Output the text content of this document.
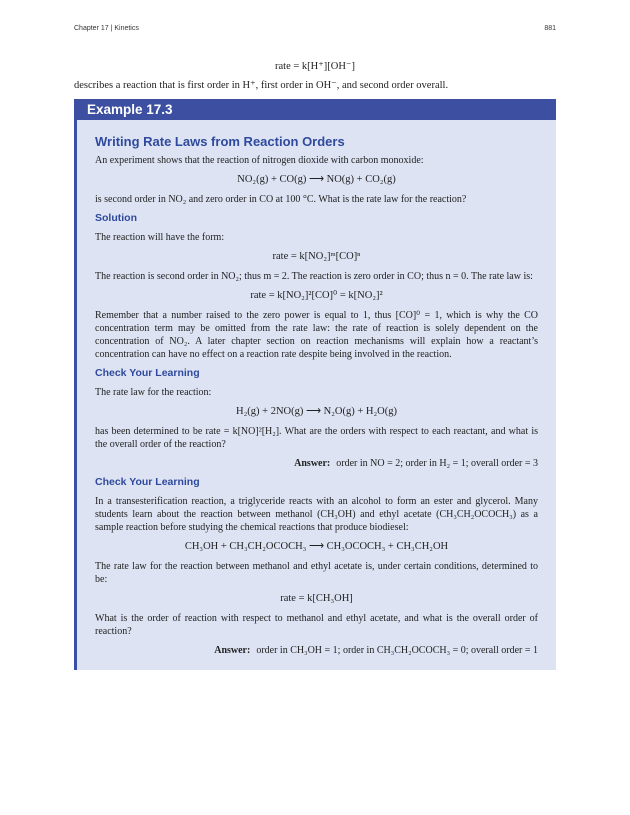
Chapter 17 | Kinetics	881
rate = k[H⁺][OH⁻]
describes a reaction that is first order in H⁺, first order in OH⁻, and second order overall.
Example 17.3
Writing Rate Laws from Reaction Orders

An experiment shows that the reaction of nitrogen dioxide with carbon monoxide:

NO₂(g) + CO(g) ⟶ NO(g) + CO₂(g)

is second order in NO₂ and zero order in CO at 100 °C. What is the rate law for the reaction?

Solution

The reaction will have the form:

rate = k[NO₂]ᵐ[CO]ⁿ

The reaction is second order in NO₂; thus m = 2. The reaction is zero order in CO; thus n = 0. The rate law is:

rate = k[NO₂]²[CO]⁰ = k[NO₂]²

Remember that a number raised to the zero power is equal to 1, thus [CO]⁰ = 1, which is why the CO concentration term may be omitted from the rate law: the rate of reaction is solely dependent on the concentration of NO₂. A later chapter section on reaction mechanisms will explain how a reactant’s concentration can have no effect on a reaction rate despite being involved in the reaction.

Check Your Learning

The rate law for the reaction:

H₂(g) + 2NO(g) ⟶ N₂O(g) + H₂O(g)

has been determined to be rate = k[NO]²[H₂]. What are the orders with respect to each reactant, and what is the overall order of the reaction?

Answer: order in NO = 2; order in H₂ = 1; overall order = 3
Check Your Learning

In a transesterification reaction, a triglyceride reacts with an alcohol to form an ester and glycerol. Many students learn about the reaction between methanol (CH₃OH) and ethyl acetate (CH₃CH₂OCOCH₃) as a sample reaction before studying the chemical reactions that produce biodiesel:

CH₃OH + CH₃CH₂OCOCH₃ ⟶ CH₃OCOCH₃ + CH₃CH₂OH

The rate law for the reaction between methanol and ethyl acetate is, under certain conditions, determined to be:

rate = k[CH₃OH]

What is the order of reaction with respect to methanol and ethyl acetate, and what is the overall order of reaction?

Answer: order in CH₃OH = 1; order in CH₃CH₂OCOCH₃ = 0; overall order = 1
